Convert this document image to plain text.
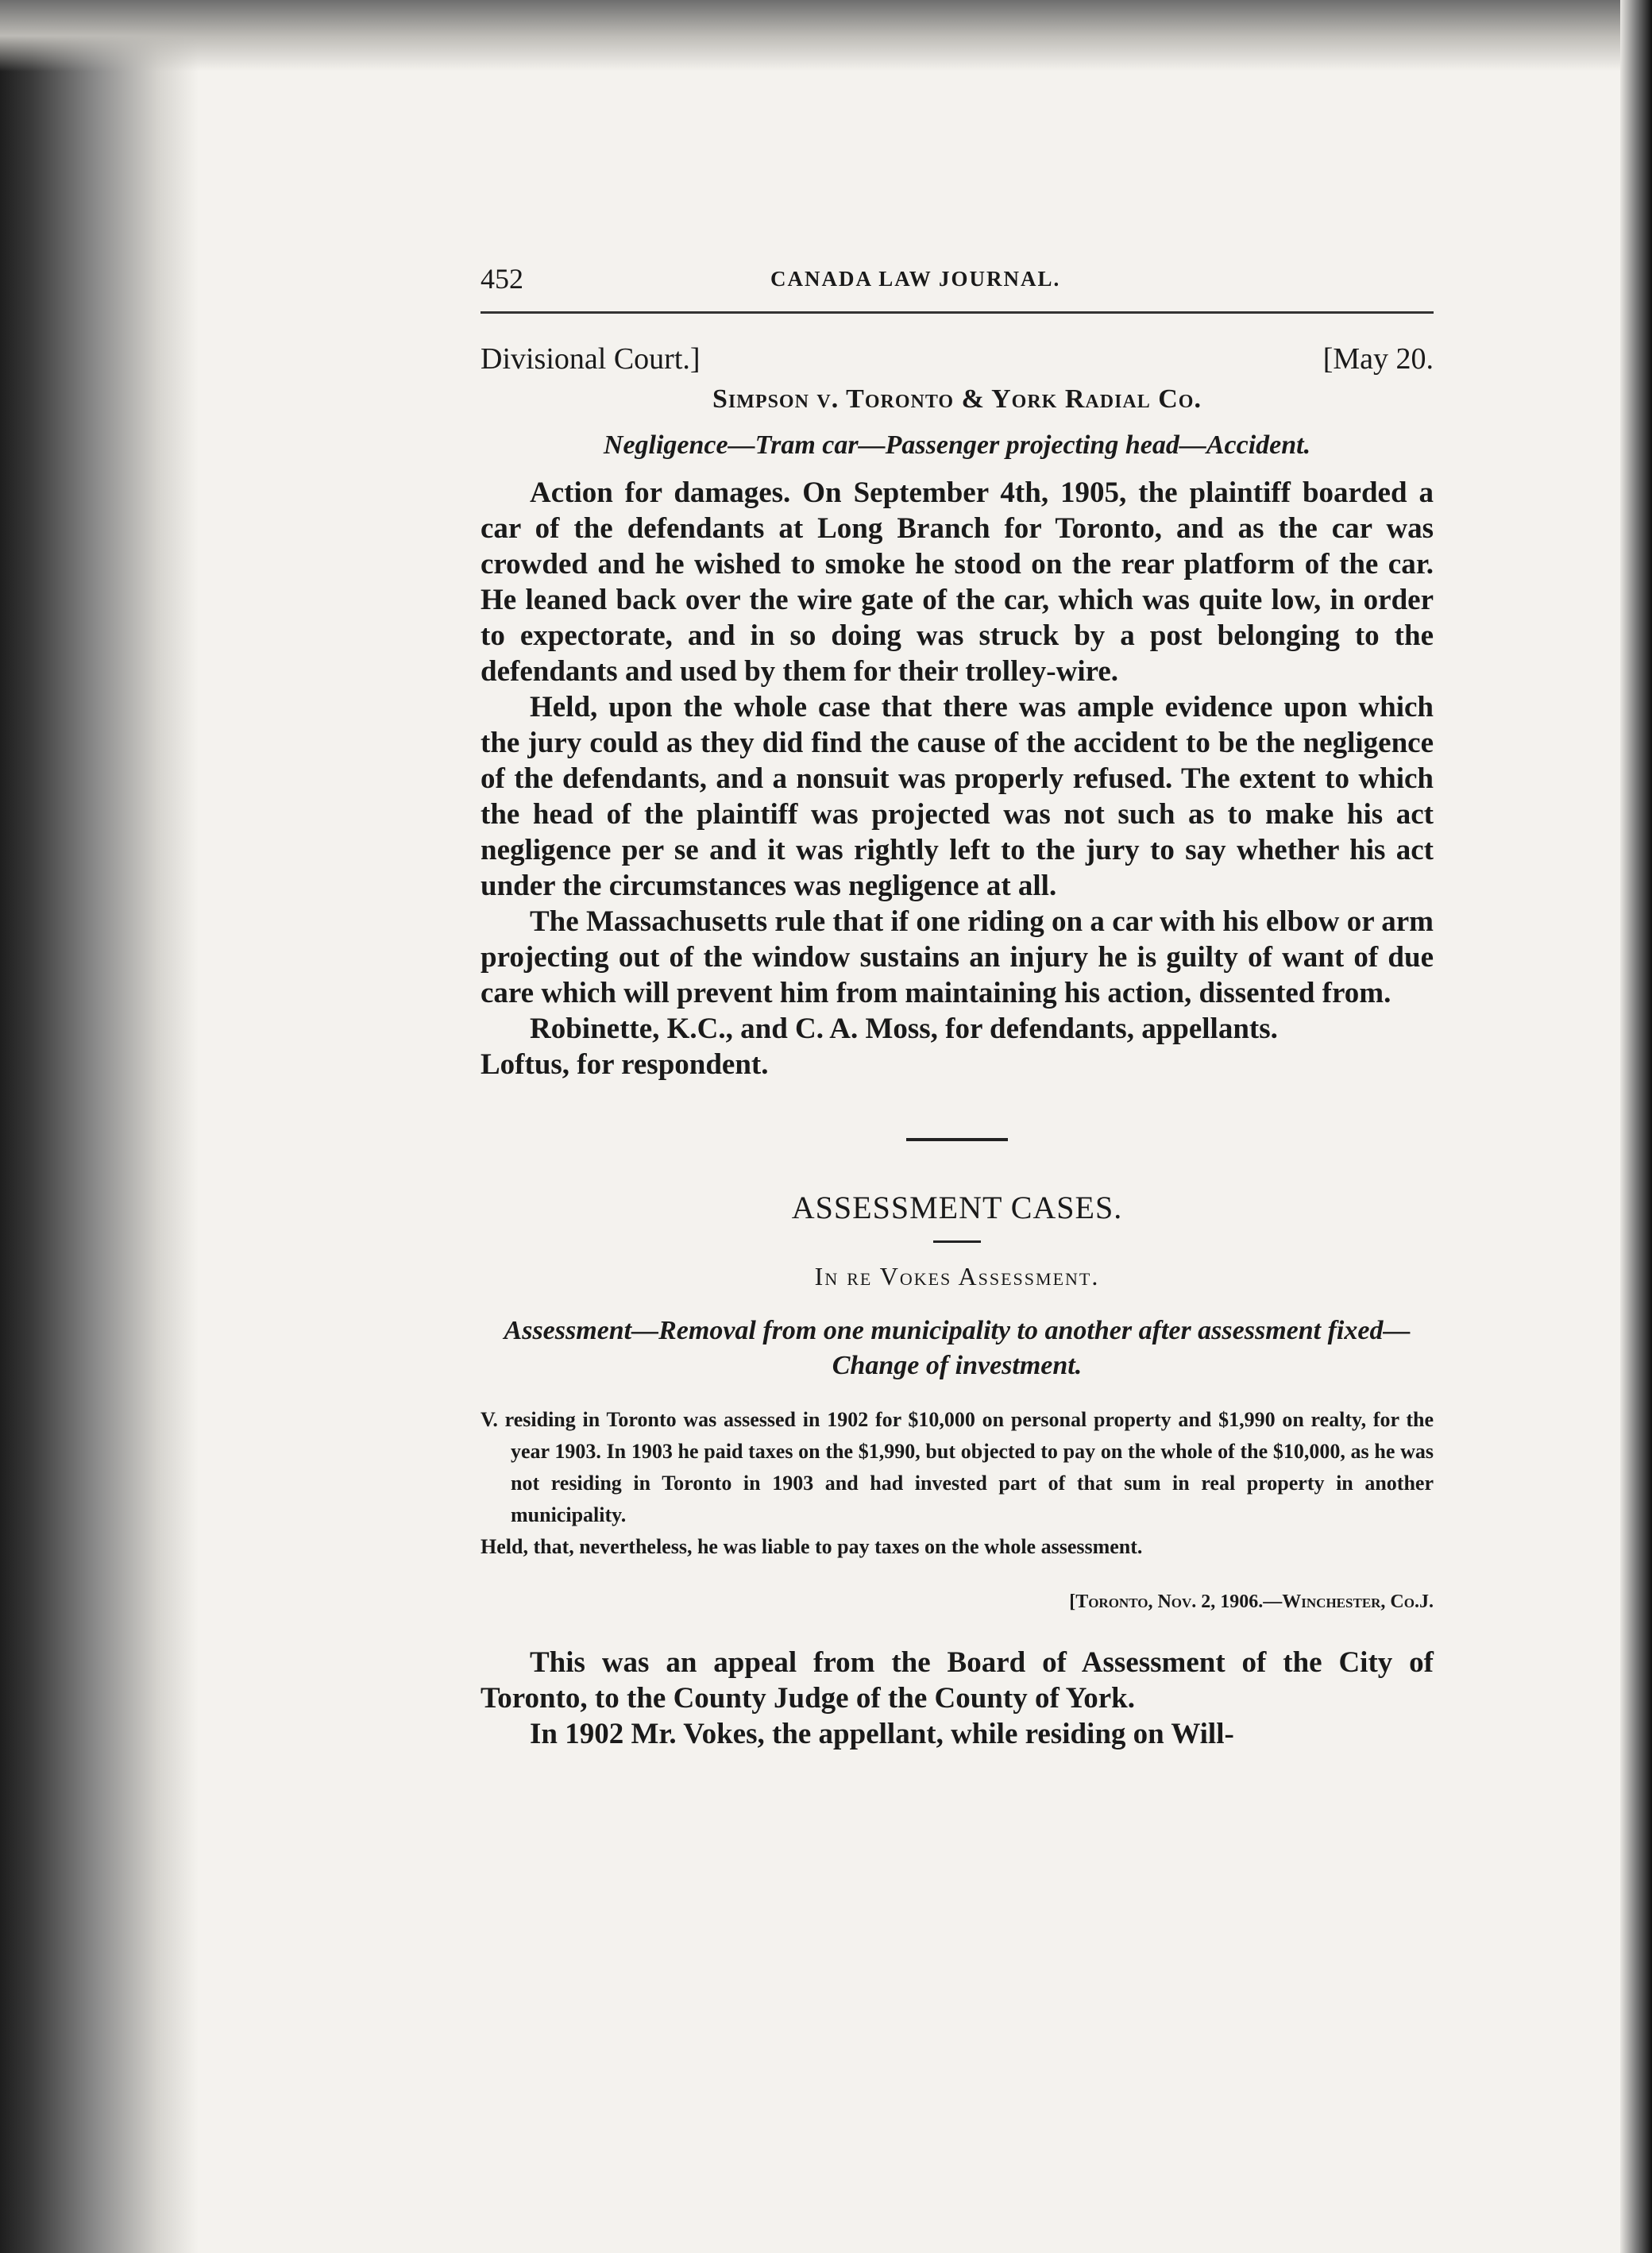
452	CANADA LAW JOURNAL.
Divisional Court.]	[May 20.
Simpson v. Toronto & York Radial Co.
Negligence—Tram car—Passenger projecting head—Accident.

Action for damages. On September 4th, 1905, the plaintiff boarded a car of the defendants at Long Branch for Toronto, and as the car was crowded and he wished to smoke he stood on the rear platform of the car. He leaned back over the wire gate of the car, which was quite low, in order to expectorate, and in so doing was struck by a post belonging to the defendants and used by them for their trolley-wire.

Held, upon the whole case that there was ample evidence upon which the jury could as they did find the cause of the accident to be the negligence of the defendants, and a nonsuit was properly refused. The extent to which the head of the plaintiff was projected was not such as to make his act negligence per se and it was rightly left to the jury to say whether his act under the circumstances was negligence at all.

The Massachusetts rule that if one riding on a car with his elbow or arm projecting out of the window sustains an injury he is guilty of want of due care which will prevent him from maintaining his action, dissented from.

Robinette, K.C., and C. A. Moss, for defendants, appellants.

Loftus, for respondent.

ASSESSMENT CASES.
In re Vokes Assessment.
Assessment—Removal from one municipality to another after assessment fixed—Change of investment.

V. residing in Toronto was assessed in 1902 for $10,000 on personal property and $1,990 on realty, for the year 1903. In 1903 he paid taxes on the $1,990, but objected to pay on the whole of the $10,000, as he was not residing in Toronto in 1903 and had invested part of that sum in real property in another municipality.

Held, that, nevertheless, he was liable to pay taxes on the whole assessment.

[Toronto, Nov. 2, 1906.—Winchester, Co.J.

This was an appeal from the Board of Assessment of the City of Toronto, to the County Judge of the County of York.

In 1902 Mr. Vokes, the appellant, while residing on Will-
